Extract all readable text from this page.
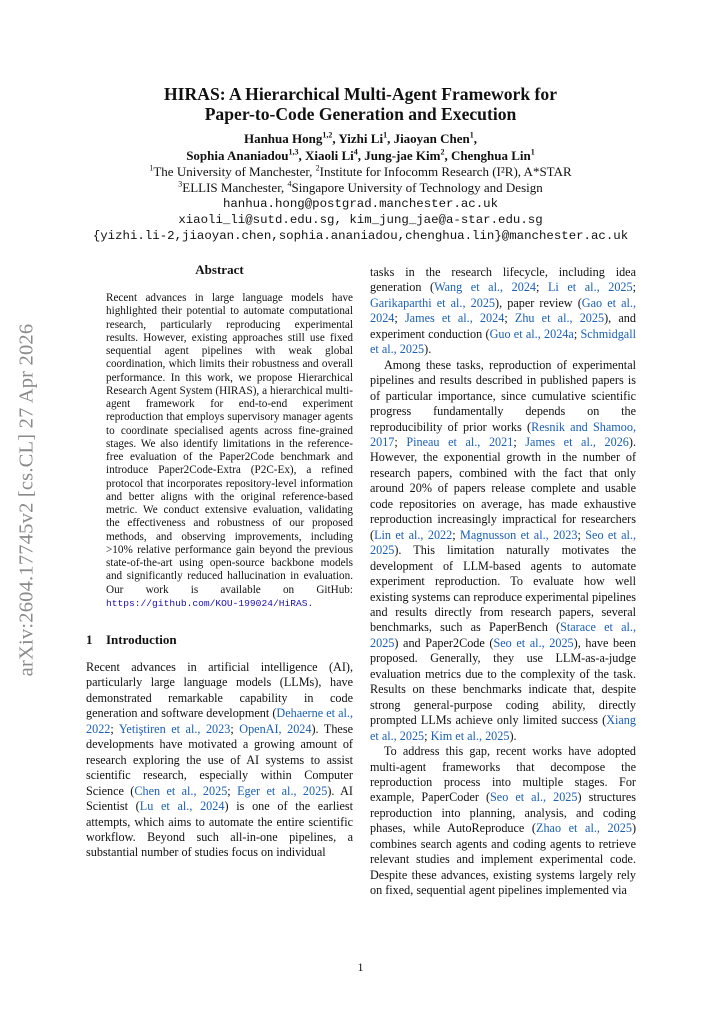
arXiv:2604.17745v2 [cs.CL] 27 Apr 2026
HIRAS: A Hierarchical Multi-Agent Framework for
Paper-to-Code Generation and Execution
Hanhua Hong$^{1,2}$, Yizhi Li$^1$, Jiaoyan Chen$^1$,
Sophia Ananiadou$^{1,3}$, Xiaoli Li$^4$, Jung-jae Kim$^2$, Chenghua Lin$^1$
$^1$The University of Manchester, $^2$Institute for Infocomm Research (I²R), A*STAR
$^3$ELLIS Manchester, $^4$Singapore University of Technology and Design
hanhua.hong@postgrad.manchester.ac.uk
xiaoli_li@sutd.edu.sg, kim_jung_jae@a-star.edu.sg
{yizhi.li-2,jiaoyan.chen,sophia.ananiadou,chenghua.lin}@manchester.ac.uk
Abstract
Recent advances in large language models have highlighted their potential to automate computational research, particularly reproducing experimental results. However, existing approaches still use fixed sequential agent pipelines with weak global coordination, which limits their robustness and overall performance. In this work, we propose Hierarchical Research Agent System (HIRAS), a hierarchical multi-agent framework for end-to-end experiment reproduction that employs supervisory manager agents to coordinate specialised agents across fine-grained stages. We also identify limitations in the reference-free evaluation of the Paper2Code benchmark and introduce Paper2Code-Extra (P2C-Ex), a refined protocol that incorporates repository-level information and better aligns with the original reference-based metric. We conduct extensive evaluation, validating the effectiveness and robustness of our proposed methods, and observing improvements, including >10% relative performance gain beyond the previous state-of-the-art using open-source backbone models and significantly reduced hallucination in evaluation. Our work is available on GitHub: https://github.com/KOU-199024/HiRAS.
1 Introduction

Recent advances in artificial intelligence (AI), particularly large language models (LLMs), have demonstrated remarkable capability in code generation and software development (Dehaerne et al., 2022; Yetiştiren et al., 2023; OpenAI, 2024). These developments have motivated a growing amount of research exploring the use of AI systems to assist scientific research, especially within Computer Science (Chen et al., 2025; Eger et al., 2025). AI Scientist (Lu et al., 2024) is one of the earliest attempts, which aims to automate the entire scientific workflow. Beyond such all-in-one pipelines, a substantial number of studies focus on individual

tasks in the research lifecycle, including idea generation (Wang et al., 2024; Li et al., 2025; Garikaparthi et al., 2025), paper review (Gao et al., 2024; James et al., 2024; Zhu et al., 2025), and experiment conduction (Guo et al., 2024a; Schmidgall et al., 2025).

Among these tasks, reproduction of experimental pipelines and results described in published papers is of particular importance, since cumulative scientific progress fundamentally depends on the reproducibility of prior works (Resnik and Shamoo, 2017; Pineau et al., 2021; James et al., 2026). However, the exponential growth in the number of research papers, combined with the fact that only around 20% of papers release complete and usable code repositories on average, has made exhaustive reproduction increasingly impractical for researchers (Lin et al., 2022; Magnusson et al., 2023; Seo et al., 2025). This limitation naturally motivates the development of LLM-based agents to automate experiment reproduction. To evaluate how well existing systems can reproduce experimental pipelines and results directly from research papers, several benchmarks, such as PaperBench (Starace et al., 2025) and Paper2Code (Seo et al., 2025), have been proposed. Generally, they use LLM-as-a-judge evaluation metrics due to the complexity of the task. Results on these benchmarks indicate that, despite strong general-purpose coding ability, directly prompted LLMs achieve only limited success (Xiang et al., 2025; Kim et al., 2025).

To address this gap, recent works have adopted multi-agent frameworks that decompose the reproduction process into multiple stages. For example, PaperCoder (Seo et al., 2025) structures reproduction into planning, analysis, and coding phases, while AutoReproduce (Zhao et al., 2025) combines search agents and coding agents to retrieve relevant studies and implement experimental code. Despite these advances, existing systems largely rely on fixed, sequential agent pipelines implemented via

1
